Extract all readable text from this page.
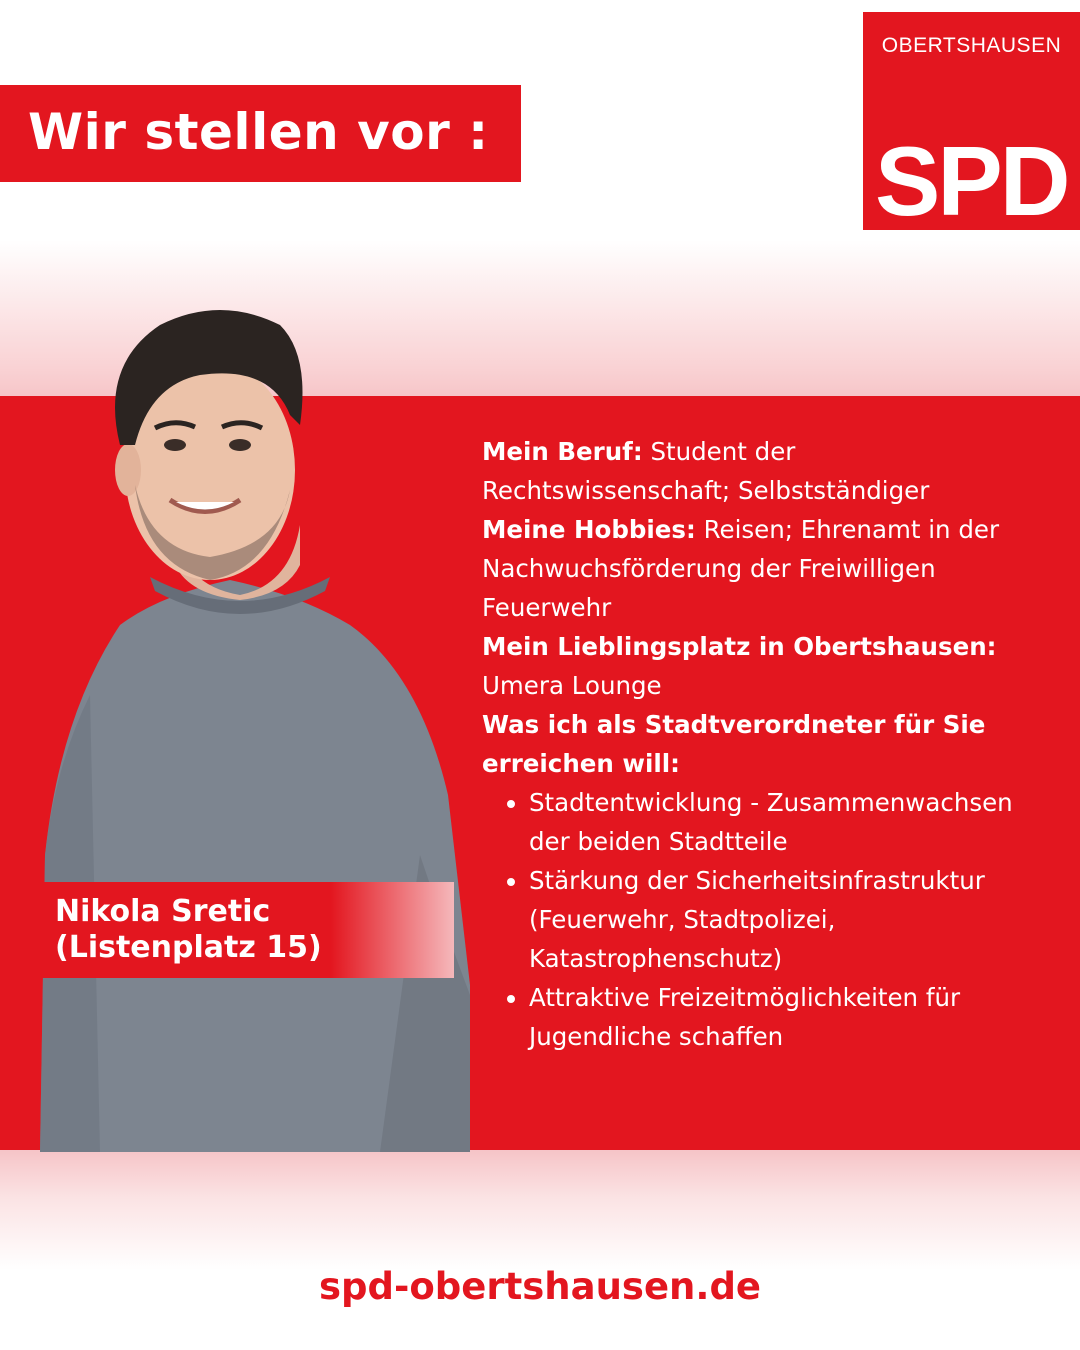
Wir stellen vor :
OBERTSHAUSEN
SPD
Nikola Sretic
(Listenplatz 15)

Mein Beruf: Student der Rechtswissenschaft; Selbstständiger

Meine Hobbies: Reisen; Ehrenamt in der Nachwuchsförderung der Freiwilligen Feuerwehr

Mein Lieblingsplatz in Obertshausen: Umera Lounge

Was ich als Stadtverordneter für Sie erreichen will:

• Stadtentwicklung - Zusammenwachsen der beiden Stadtteile
• Stärkung der Sicherheitsinfrastruktur (Feuerwehr, Stadtpolizei, Katastrophenschutz)
• Attraktive Freizeitmöglichkeiten für Jugendliche schaffen
spd-obertshausen.de
